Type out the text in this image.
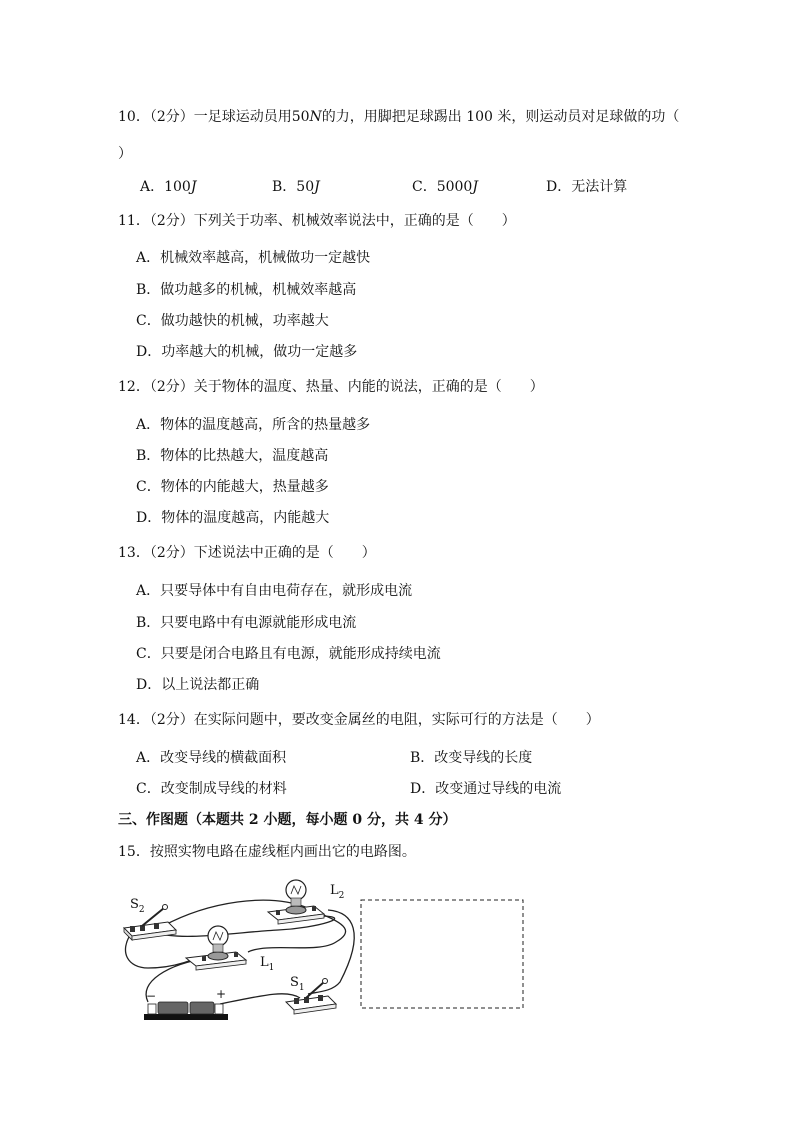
10．（2分）一足球运动员用50N的力，用脚把足球踢出 100 米，则运动员对足球做的功（
）
A．100J	B．50J	C．5000J	D．无法计算
11．（2分）下列关于功率、机械效率说法中，正确的是（　　）
A．机械效率越高，机械做功一定越快
B．做功越多的机械，机械效率越高
C．做功越快的机械，功率越大
D．功率越大的机械，做功一定越多
12．（2分）关于物体的温度、热量、内能的说法，正确的是（　　）
A．物体的温度越高，所含的热量越多
B．物体的比热越大，温度越高
C．物体的内能越大，热量越多
D．物体的温度越高，内能越大
13．（2分）下述说法中正确的是（　　）
A．只要导体中有自由电荷存在，就形成电流
B．只要电路中有电源就能形成电流
C．只要是闭合电路且有电源，就能形成持续电流
D．以上说法都正确
14．（2分）在实际问题中，要改变金属丝的电阻，实际可行的方法是（　　）
A．改变导线的横截面积	B．改变导线的长度
C．改变制成导线的材料	D．改变通过导线的电流
三、作图题（本题共 2 小题，每小题 0 分，共 4 分）
15．按照实物电路在虚线框内画出它的电路图。
$S_2$
$L_2$
$L_1$
$S_1$
−	+
